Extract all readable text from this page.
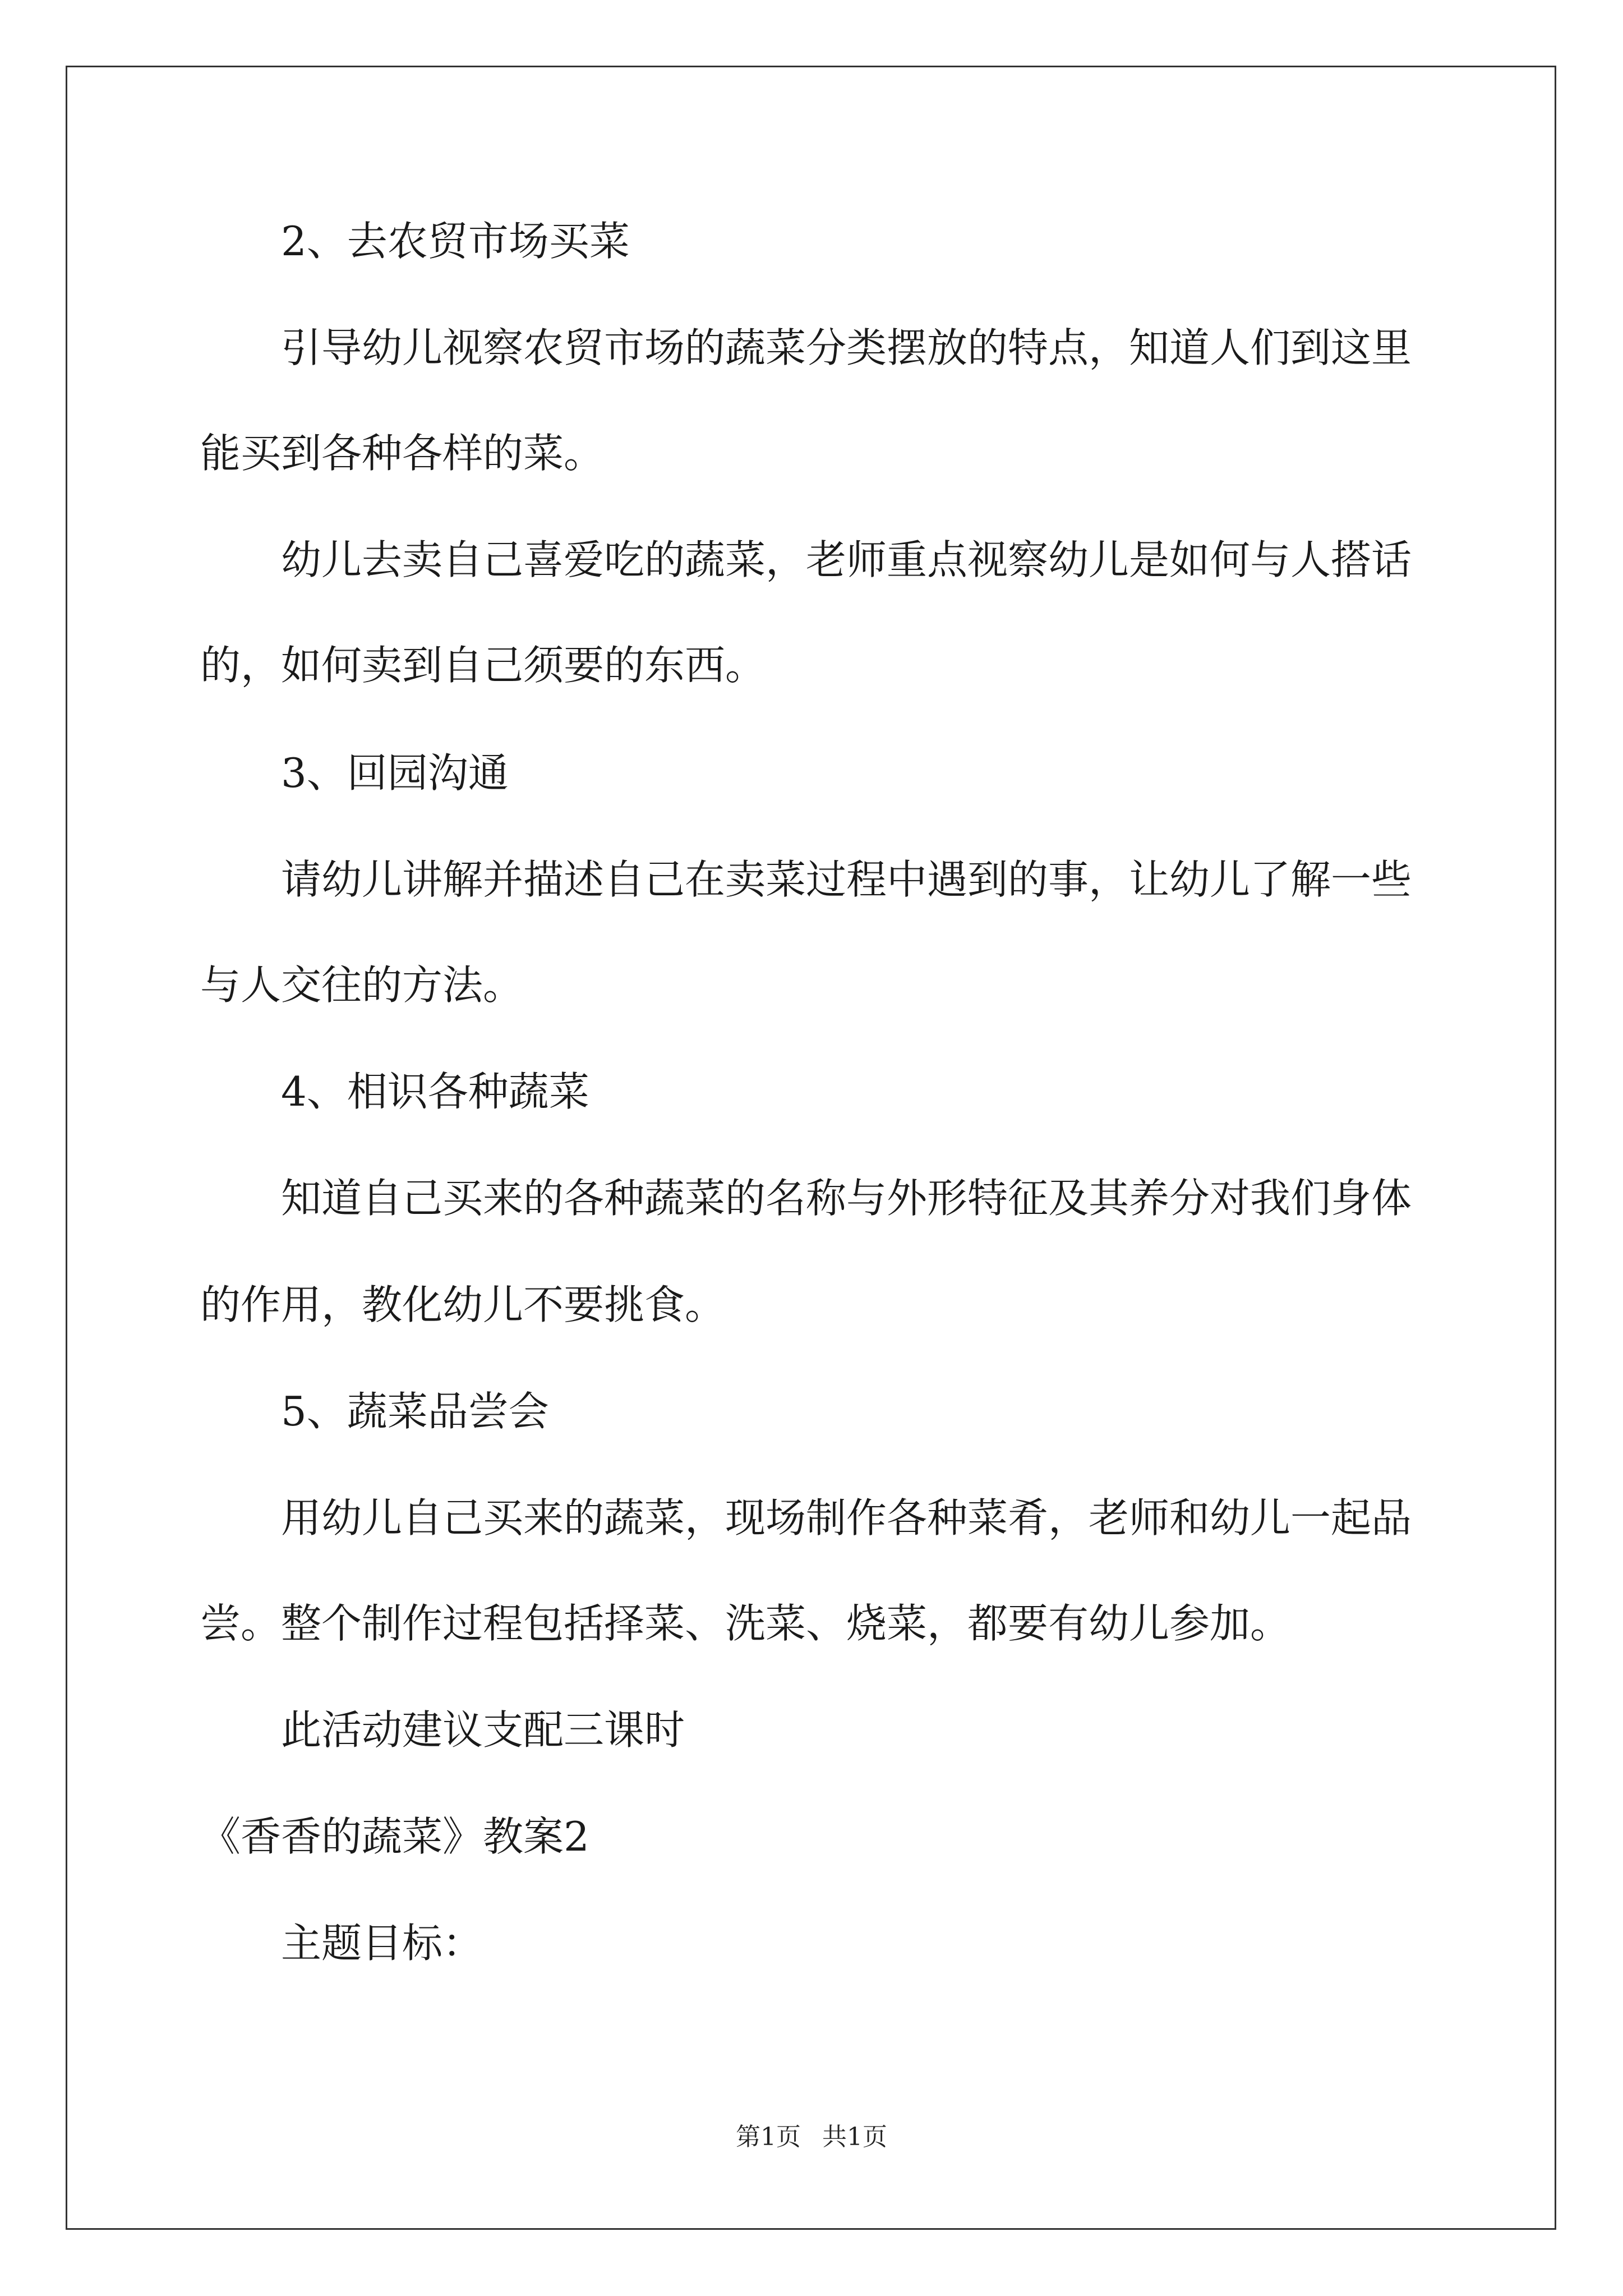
2、去农贸市场买菜
引导幼儿视察农贸市场的蔬菜分类摆放的特点，知道人们到这里
能买到各种各样的菜。
幼儿去卖自己喜爱吃的蔬菜，老师重点视察幼儿是如何与人搭话
的，如何卖到自己须要的东西。
3、回园沟通
请幼儿讲解并描述自己在卖菜过程中遇到的事，让幼儿了解一些
与人交往的方法。
4、相识各种蔬菜
知道自己买来的各种蔬菜的名称与外形特征及其养分对我们身体
的作用，教化幼儿不要挑食。
5、蔬菜品尝会
用幼儿自己买来的蔬菜，现场制作各种菜肴，老师和幼儿一起品
尝。整个制作过程包括择菜、洗菜、烧菜，都要有幼儿参加。
此活动建议支配三课时
《香香的蔬菜》教案2
主题目标：
第1页 共1页
